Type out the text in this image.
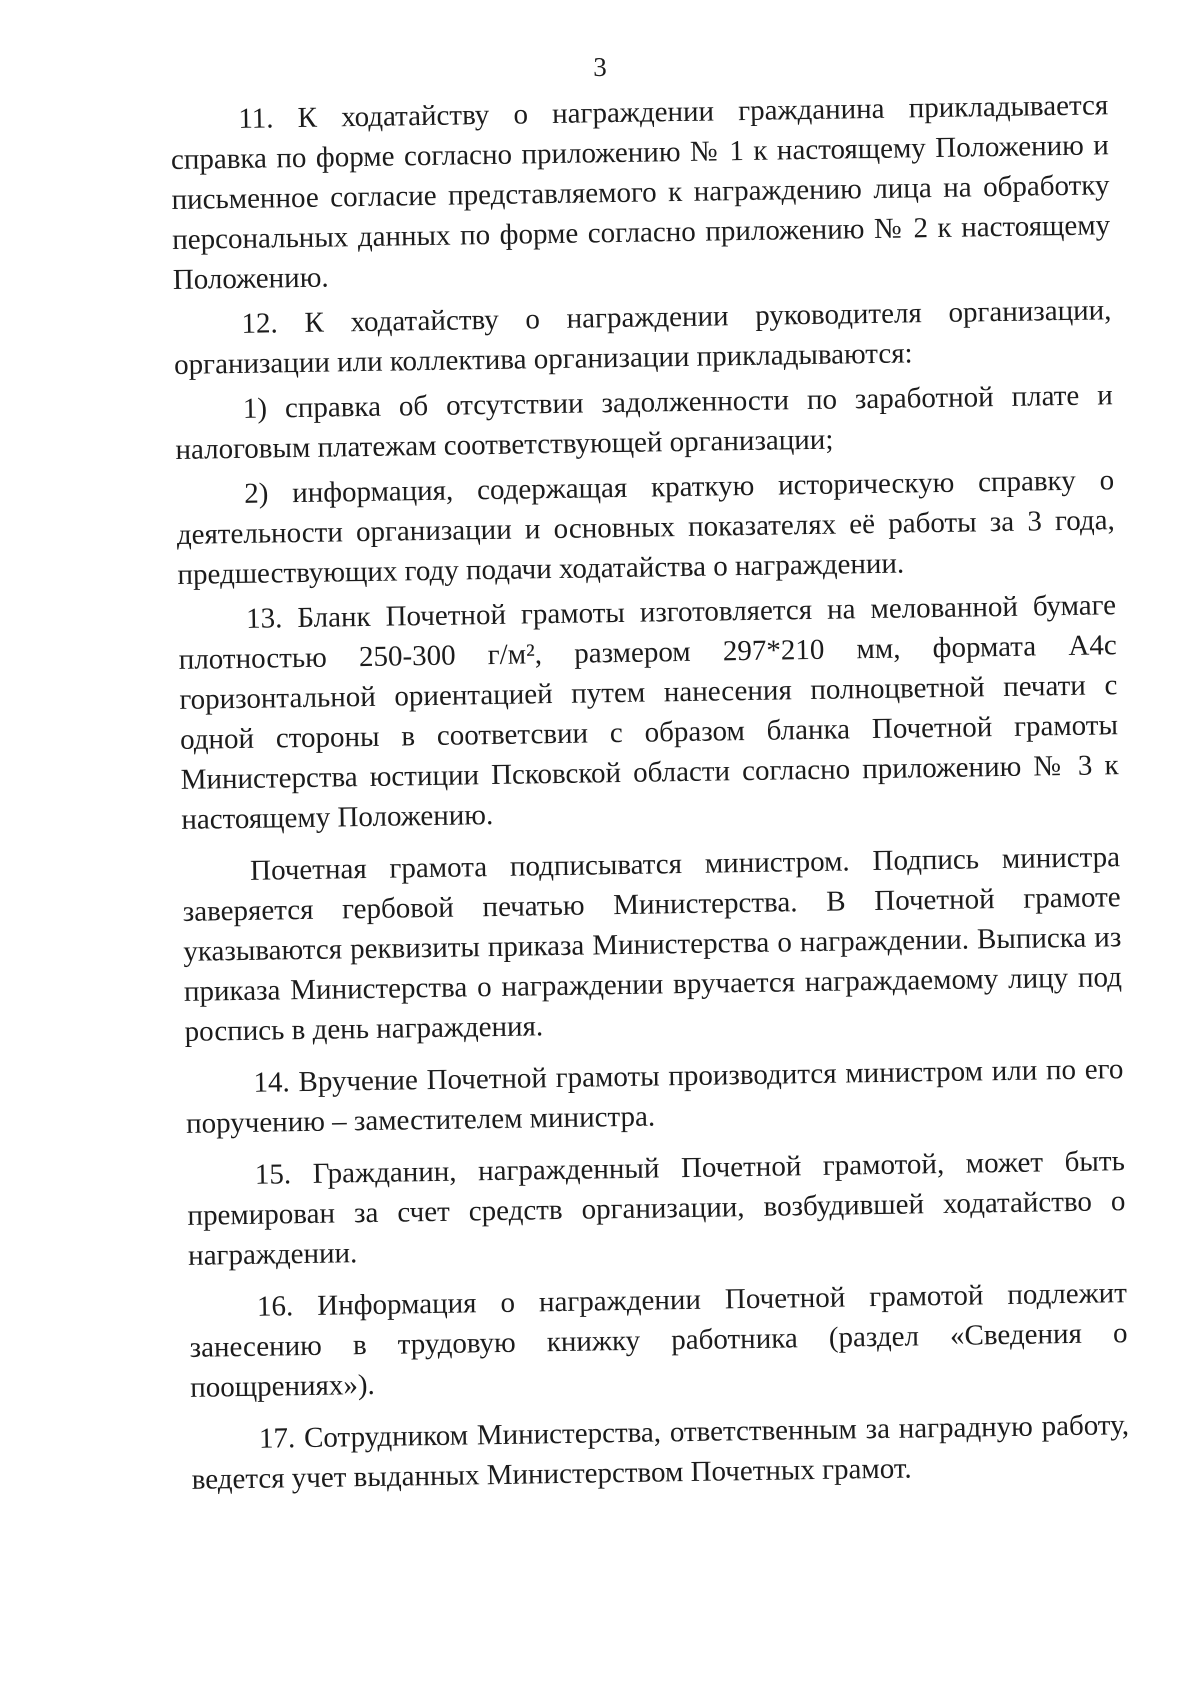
3

11. К ходатайству о награждении гражданина прикладывается справка по форме согласно приложению № 1 к настоящему Положению и письменное согласие представляемого к награждению лица на обработку персональных данных по форме согласно приложению № 2 к настоящему Положению.

12. К ходатайству о награждении руководителя организации, организации или коллектива организации прикладываются:

1) справка об отсутствии задолженности по заработной плате и налоговым платежам соответствующей организации;

2) информация, содержащая краткую историческую справку о деятельности организации и основных показателях её работы за 3 года, предшествующих году подачи ходатайства о награждении.

13. Бланк Почетной грамоты изготовляется на мелованной бумаге плотностью 250-300 г/м², размером 297*210 мм, формата А4с горизонтальной ориентацией путем нанесения полноцветной печати с одной стороны в соответсвии с образом бланка Почетной грамоты Министерства юстиции Псковской области согласно приложению № 3 к настоящему Положению.

Почетная грамота подписыватся министром. Подпись министра заверяется гербовой печатью Министерства. В Почетной грамоте указываются реквизиты приказа Министерства о награждении. Выписка из приказа Министерства о награждении вручается награждаемому лицу под роспись в день награждения.

14. Вручение Почетной грамоты производится министром или по его поручению – заместителем министра.

15. Гражданин, награжденный Почетной грамотой, может быть премирован за счет средств организации, возбудившей ходатайство о награждении.

16. Информация о награждении Почетной грамотой подлежит занесению в трудовую книжку работника (раздел «Сведения о поощрениях»).

17. Сотрудником Министерства, ответственным за наградную работу, ведется учет выданных Министерством Почетных грамот.
